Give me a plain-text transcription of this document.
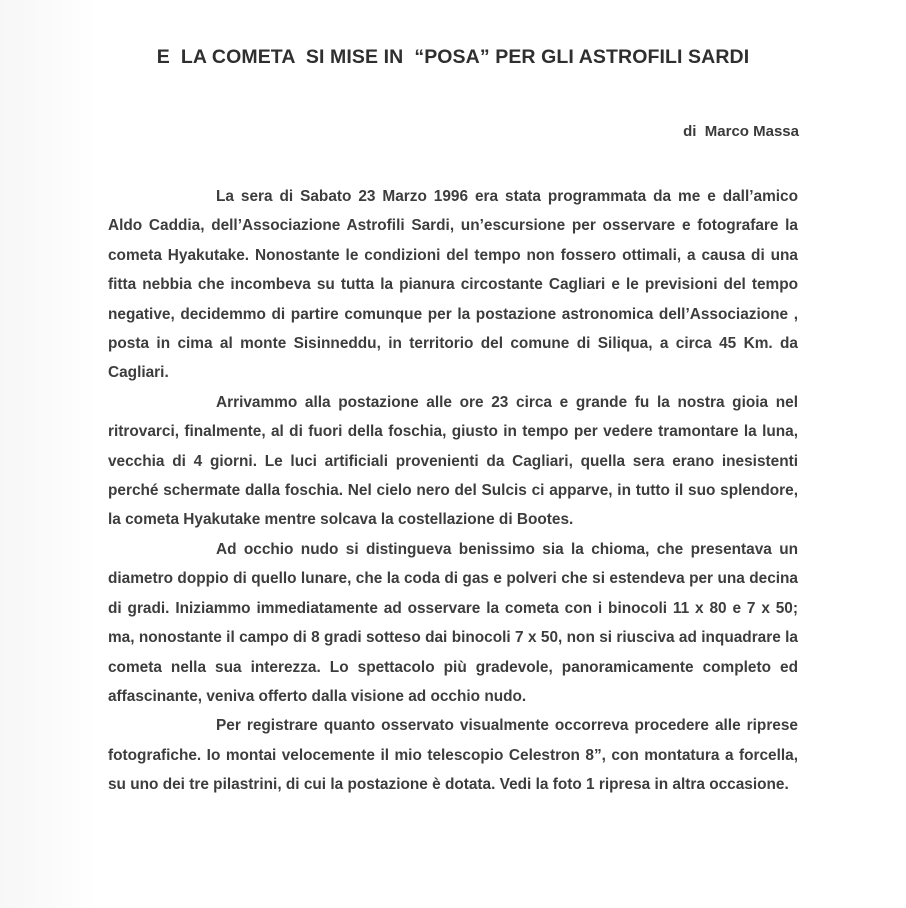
E  LA COMETA  SI MISE IN  “POSA” PER GLI ASTROFILI SARDI
di  Marco Massa

La sera di Sabato 23 Marzo 1996 era stata programmata da me e dall’amico Aldo Caddia, dell’Associazione Astrofili Sardi, un’escursione per osservare e fotografare la cometa Hyakutake. Nonostante le condizioni del tempo non fossero ottimali, a causa di una fitta nebbia che incombeva su tutta la pianura circostante Cagliari e le previsioni del tempo negative, decidemmo di partire comunque per la postazione astronomica dell’Associazione , posta in cima al monte Sisinneddu, in territorio del comune di Siliqua, a circa 45 Km. da Cagliari.

Arrivammo alla postazione alle ore 23 circa e grande fu la nostra gioia nel ritrovarci, finalmente, al di fuori della foschia, giusto in tempo per vedere tramontare la luna, vecchia di 4 giorni. Le luci artificiali provenienti da Cagliari, quella sera erano inesistenti perché schermate dalla foschia. Nel cielo nero del Sulcis ci apparve, in tutto il suo splendore, la cometa Hyakutake mentre solcava la costellazione di Bootes.

Ad occhio nudo si distingueva benissimo sia la chioma, che presentava un diametro doppio di quello lunare, che la coda di gas e polveri che si estendeva per una decina di gradi. Iniziammo immediatamente ad osservare la cometa con i binocoli 11 x 80 e 7 x 50; ma, nonostante il campo di 8 gradi sotteso dai binocoli 7 x 50, non si riusciva ad inquadrare la cometa nella sua interezza. Lo spettacolo più gradevole, panoramicamente completo ed affascinante, veniva offerto dalla visione ad occhio nudo.

Per registrare quanto osservato visualmente occorreva procedere alle riprese fotografiche. Io montai velocemente il mio telescopio Celestron 8”, con montatura a forcella, su uno dei tre pilastrini, di cui la postazione è dotata. Vedi la foto 1 ripresa in altra occasione.
